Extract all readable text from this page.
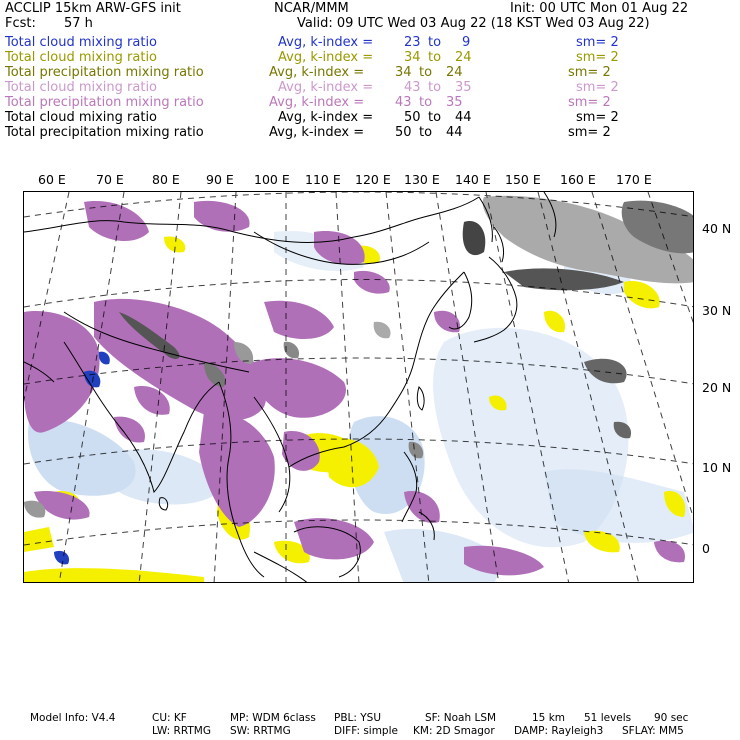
ACCLIP 15km ARW-GFS init	NCAR/MMM	Init: 00 UTC Mon 01 Aug 22
Fcst: 57 h	Valid: 09 UTC Wed 03 Aug 22 (18 KST Wed 03 Aug 22)
Total cloud mixing ratio	Avg, k-index = 23 to 9	sm= 2
Total cloud mixing ratio	Avg, k-index = 34 to 24	sm= 2
Total precipitation mixing ratio	Avg, k-index = 34 to 24	sm= 2
Total cloud mixing ratio	Avg, k-index = 43 to 35	sm= 2
Total precipitation mixing ratio	Avg, k-index = 43 to 35	sm= 2
Total cloud mixing ratio	Avg, k-index = 50 to 44	sm= 2
Total precipitation mixing ratio	Avg, k-index = 50 to 44	sm= 2
60 E 70 E 80 E 90 E 100 E 110 E 120 E 130 E 140 E 150 E 160 E 170 E
40 N
30 N
20 N
10 N
0
Model Info: V4.4	CU: KF	MP: WDM 6class PBL: YSU	SF: Noah LSM	15 km 51 levels 90 sec
LW: RRTMG SW: RRTMG	DIFF: simple KM: 2D Smagor DAMP: Rayleigh3 SFLAY: MM5
